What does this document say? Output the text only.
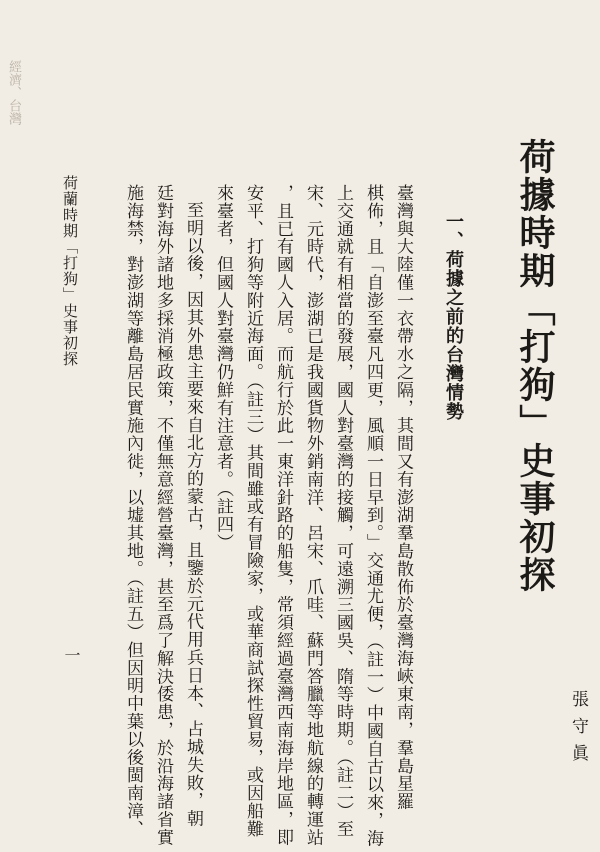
經濟、台灣
荷據時期「打狗」史事初探
張守眞
一、荷據之前的台灣情勢
臺灣與大陸僅一衣帶水之隔，其間又有澎湖羣島散佈於臺灣海峽東南，羣島星羅
棋佈，且「自澎至臺凡四更，風順一日早到。」交通尤便，（註一）中國自古以來，海
上交通就有相當的發展，國人對臺灣的接觸，可遠溯三國吳、隋等時期。（註二）至
宋、元時代，澎湖已是我國貨物外銷南洋、呂宋、爪哇、蘇門答臘等地航線的轉運站
，且已有國人入居。而航行於此一東洋針路的船隻，常須經過臺灣西南海岸地區，即
安平、打狗等附近海面。（註三）其間雖或有冒險家，或華商試探性貿易，或因船難
來臺者，但國人對臺灣仍鮮有注意者。（註四）
至明以後，因其外患主要來自北方的蒙古，且鑒於元代用兵日本、占城失敗，朝
廷對海外諸地多採消極政策，不僅無意經營臺灣，甚至爲了解決倭患，於沿海諸省實
施海禁，對澎湖等離島居民實施內徙，以墟其地。（註五）但因明中葉以後閩南漳、
荷蘭時期「打狗」史事初探
一
